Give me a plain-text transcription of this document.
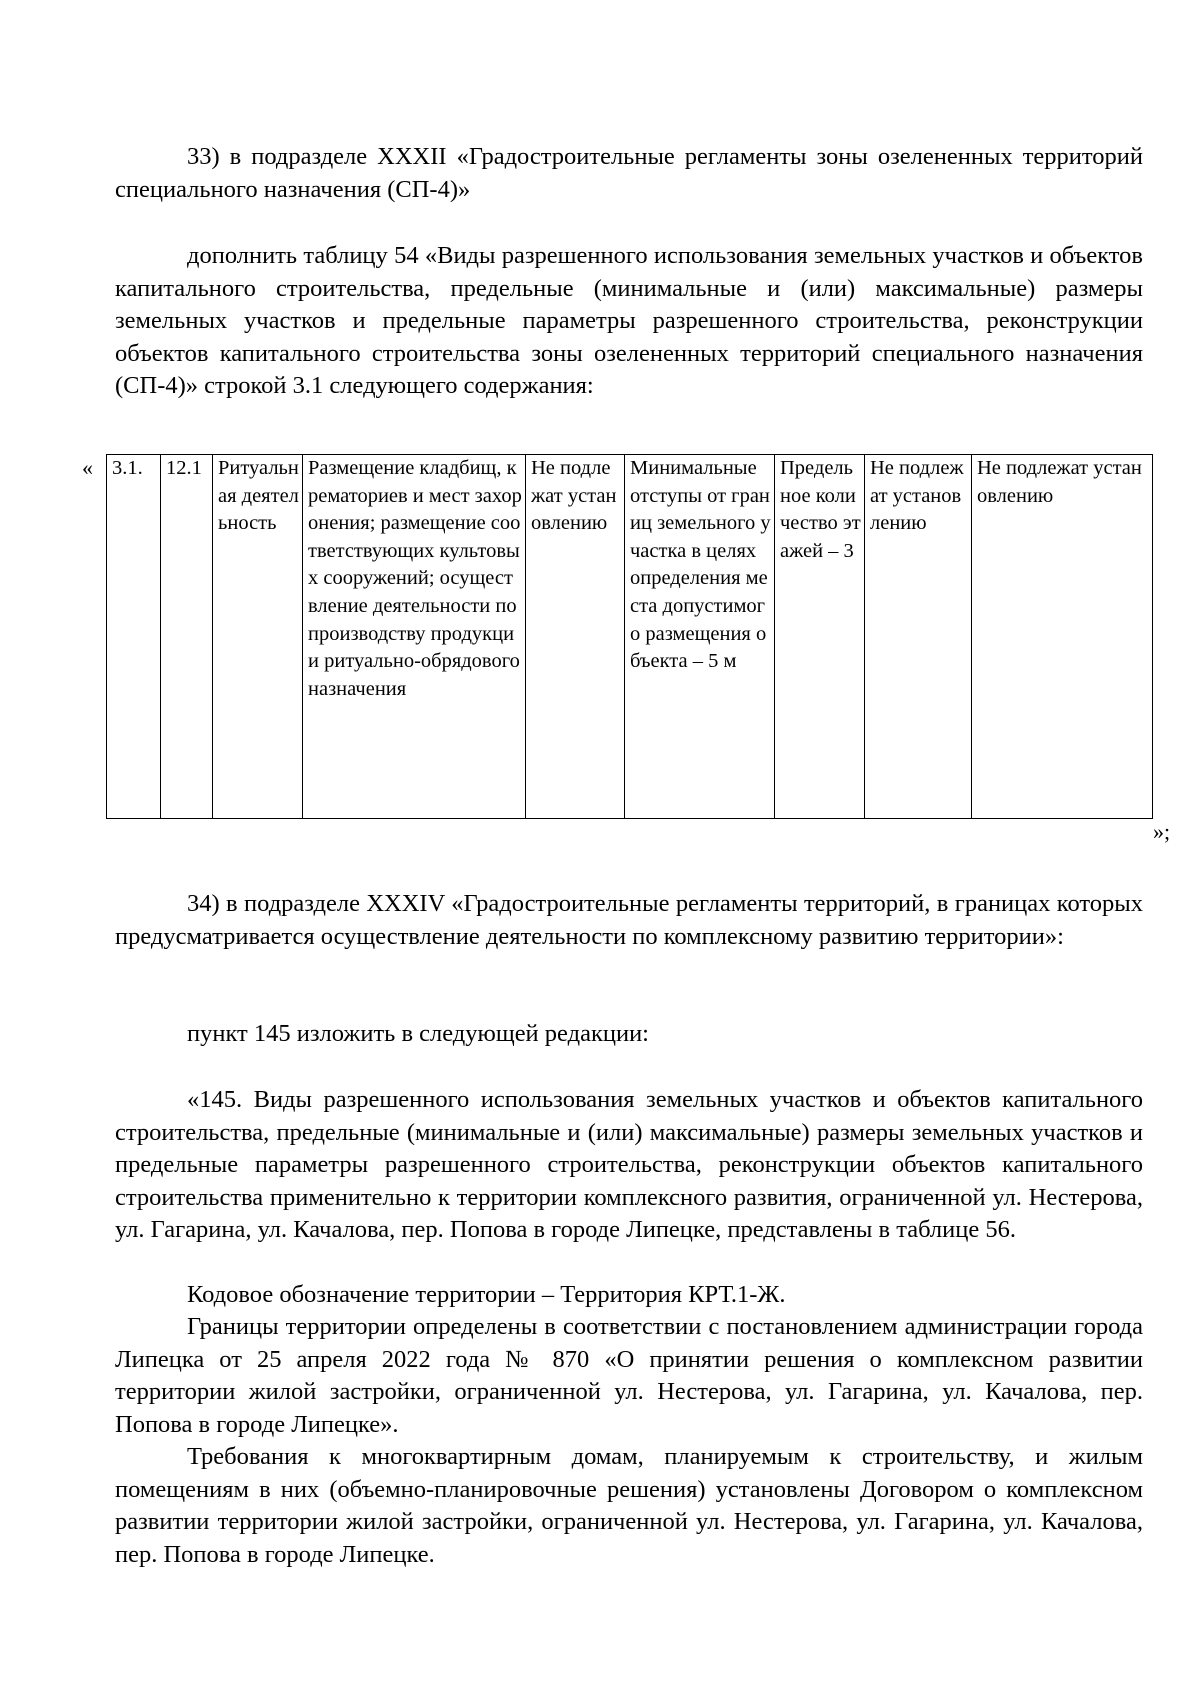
33) в подразделе XXXII «Градостроительные регламенты зоны озелененных территорий специального назначения (СП-4)»

дополнить таблицу 54 «Виды разрешенного использования земельных участков и объектов капитального строительства, предельные (минимальные и (или) максимальные) размеры земельных участков и предельные параметры разрешенного строительства, реконструкции объектов капитального строительства зоны озелененных территорий специального назначения (СП-4)» строкой 3.1 следующего содержания:

« 3.1.	12.1	Ритуальная деятельность	Размещение кладбищ, крематориев и мест захоронения; размещение соответствующих культовых сооружений; осуществление деятельности по производству продукции ритуально-обрядового назначения	Не подлежат установлению	Минимальные отступы от границ земельного участка в целях определения места допустимого размещения объекта – 5 м	Предельное количество этажей – 3	Не подлежат установлению	Не подлежат установлению
»;

34) в подразделе XXXIV «Градостроительные регламенты территорий, в границах которых предусматривается осуществление деятельности по комплексному развитию территории»:

пункт 145 изложить в следующей редакции:

«145. Виды разрешенного использования земельных участков и объектов капитального строительства, предельные (минимальные и (или) максимальные) размеры земельных участков и предельные параметры разрешенного строительства, реконструкции объектов капитального строительства применительно к территории комплексного развития, ограниченной ул. Нестерова, ул. Гагарина, ул. Качалова, пер. Попова в городе Липецке, представлены в таблице 56.

Кодовое обозначение территории – Территория КРТ.1-Ж.

Границы территории определены в соответствии с постановлением администрации города Липецка от 25 апреля 2022 года № 870 «О принятии решения о комплексном развитии территории жилой застройки, ограниченной ул. Нестерова, ул. Гагарина, ул. Качалова, пер. Попова в городе Липецке».

Требования к многоквартирным домам, планируемым к строительству, и жилым помещениям в них (объемно-планировочные решения) установлены Договором о комплексном развитии территории жилой застройки, ограниченной ул. Нестерова, ул. Гагарина, ул. Качалова, пер. Попова в городе Липецке.
